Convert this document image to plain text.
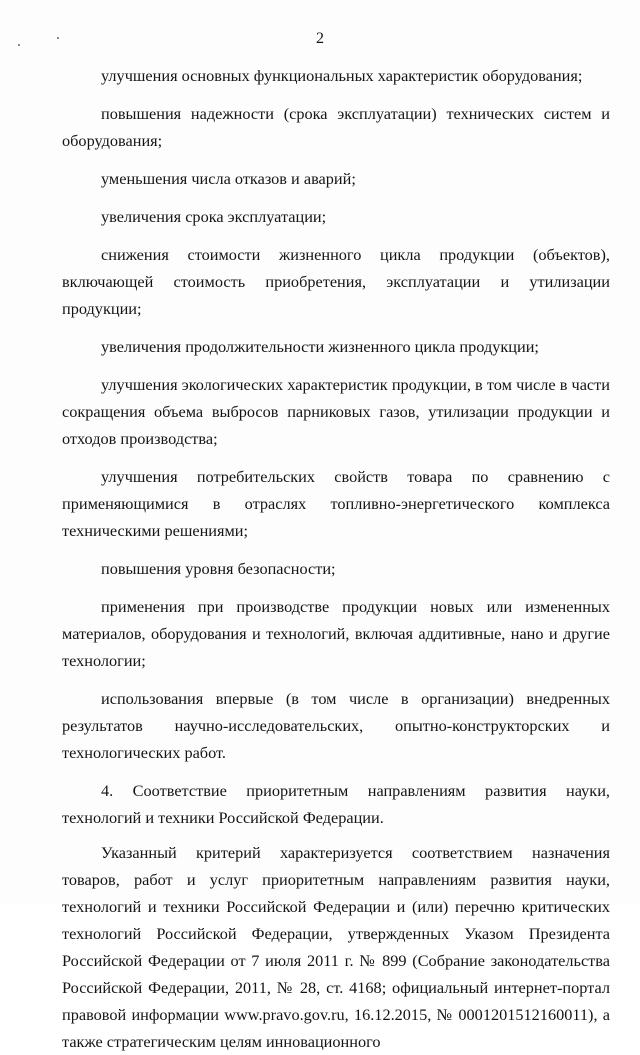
2

улучшения основных функциональных характеристик оборудования;

повышения надежности (срока эксплуатации) технических систем и оборудования;

уменьшения числа отказов и аварий;

увеличения срока эксплуатации;

снижения стоимости жизненного цикла продукции (объектов), включающей стоимость приобретения, эксплуатации и утилизации продукции;

увеличения продолжительности жизненного цикла продукции;

улучшения экологических характеристик продукции, в том числе в части сокращения объема выбросов парниковых газов, утилизации продукции и отходов производства;

улучшения потребительских свойств товара по сравнению с применяющимися в отраслях топливно-энергетического комплекса техническими решениями;

повышения уровня безопасности;

применения при производстве продукции новых или измененных материалов, оборудования и технологий, включая аддитивные, нано и другие технологии;

использования впервые (в том числе в организации) внедренных результатов научно-исследовательских, опытно-конструкторских и технологических работ.

4. Соответствие приоритетным направлениям развития науки, технологий и техники Российской Федерации.

Указанный критерий характеризуется соответствием назначения товаров, работ и услуг приоритетным направлениям развития науки, технологий и техники Российской Федерации и (или) перечню критических технологий Российской Федерации, утвержденных Указом Президента Российской Федерации от 7 июля 2011 г. № 899 (Собрание законодательства Российской Федерации, 2011, № 28, ст. 4168; официальный интернет-портал правовой информации www.pravo.gov.ru, 16.12.2015, № 0001201512160011), а также стратегическим целям инновационного
